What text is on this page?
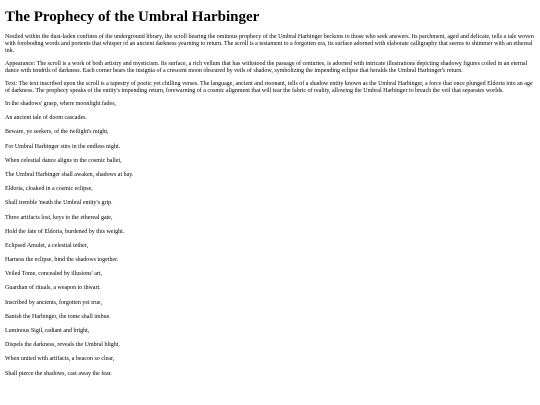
The Prophecy of the Umbral Harbinger

Nestled within the dust-laden confines of the underground library, the scroll bearing the ominous prophecy of the Umbral Harbinger beckons to those who seek answers. Its parchment, aged and delicate, tells a tale woven with foreboding words and portents that whisper of an ancient darkness yearning to return. The scroll is a testament to a forgotten era, its surface adorned with elaborate calligraphy that seems to shimmer with an ethereal ink.

Appearance: The scroll is a work of both artistry and mysticism. Its surface, a rich vellum that has withstood the passage of centuries, is adorned with intricate illustrations depicting shadowy figures coiled in an eternal dance with tendrils of darkness. Each corner bears the insignia of a crescent moon obscured by veils of shadow, symbolizing the impending eclipse that heralds the Umbral Harbinger's return.

Text: The text inscribed upon the scroll is a tapestry of poetic yet chilling verses. The language, ancient and resonant, tells of a shadow entity known as the Umbral Harbinger, a force that once plunged Eldoria into an age of darkness. The prophecy speaks of the entity's impending return, forewarning of a cosmic alignment that will tear the fabric of reality, allowing the Umbral Harbinger to breach the veil that separates worlds.

In the shadows' grasp, where moonlight fades,

An ancient tale of doom cascades.

Beware, ye seekers, of the twilight's might,

For Umbral Harbinger stirs in the endless night.

When celestial dance aligns in the cosmic ballet,

The Umbral Harbinger shall awaken, shadows at bay.

Eldoria, cloaked in a cosmic eclipse,

Shall tremble 'neath the Umbral entity's grip.

Three artifacts lost, keys to the ethereal gate,

Hold the fate of Eldoria, burdened by this weight.

Eclipsed Amulet, a celestial tether,

Harness the eclipse, bind the shadows together.

Veiled Tome, concealed by illusions' art,

Guardian of rituals, a weapon to thwart.

Inscribed by ancients, forgotten yet true,

Banish the Harbinger, the tome shall imbue.

Luminous Sigil, radiant and bright,

Dispels the darkness, reveals the Umbral blight.

When united with artifacts, a beacon so clear,

Shall pierce the shadows, cast away the fear.
